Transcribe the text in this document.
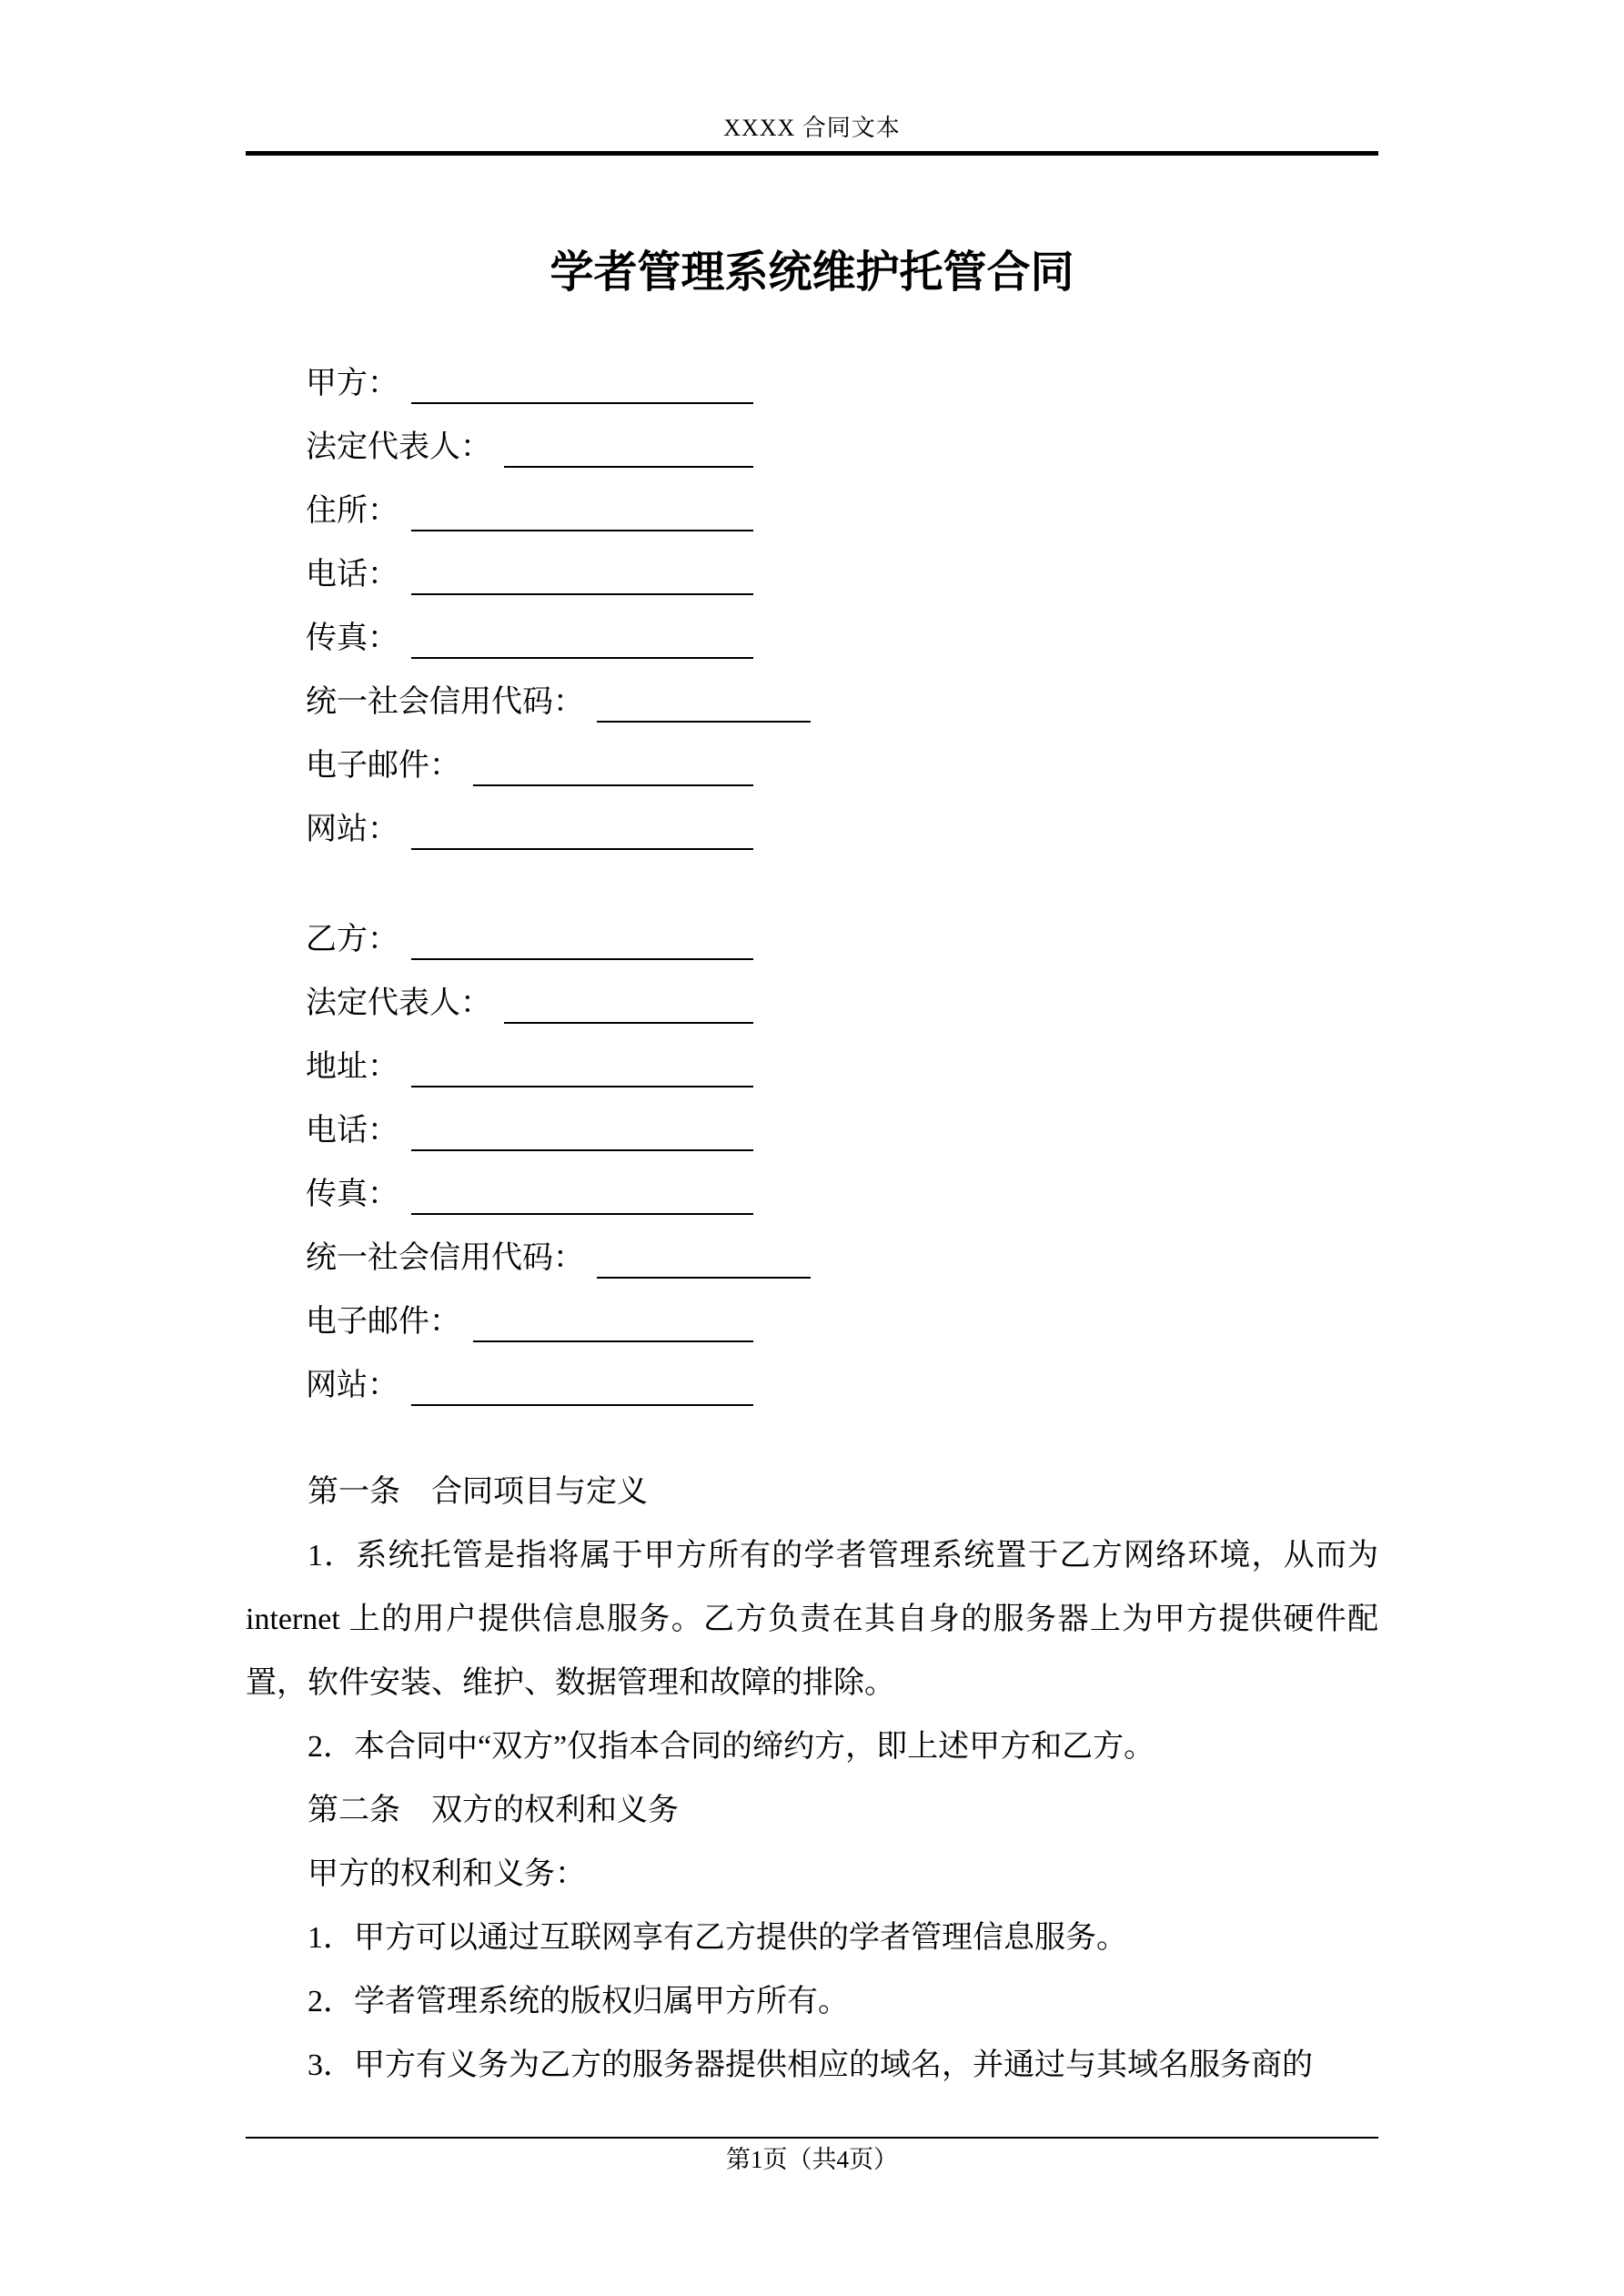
XXXX 合同文本
学者管理系统维护托管合同
甲方：
法定代表人：
住所：
电话：
传真：
统一社会信用代码：
电子邮件：
网站：
乙方：
法定代表人：
地址：
电话：
传真：
统一社会信用代码：
电子邮件：
网站：

第一条　合同项目与定义

1．系统托管是指将属于甲方所有的学者管理系统置于乙方网络环境，从而为 internet 上的用户提供信息服务。乙方负责在其自身的服务器上为甲方提供硬件配置，软件安装、维护、数据管理和故障的排除。

2．本合同中“双方”仅指本合同的缔约方，即上述甲方和乙方。

第二条　双方的权利和义务

甲方的权利和义务：

1．甲方可以通过互联网享有乙方提供的学者管理信息服务。

2．学者管理系统的版权归属甲方所有。

3．甲方有义务为乙方的服务器提供相应的域名，并通过与其域名服务商的

第1页（共4页）
